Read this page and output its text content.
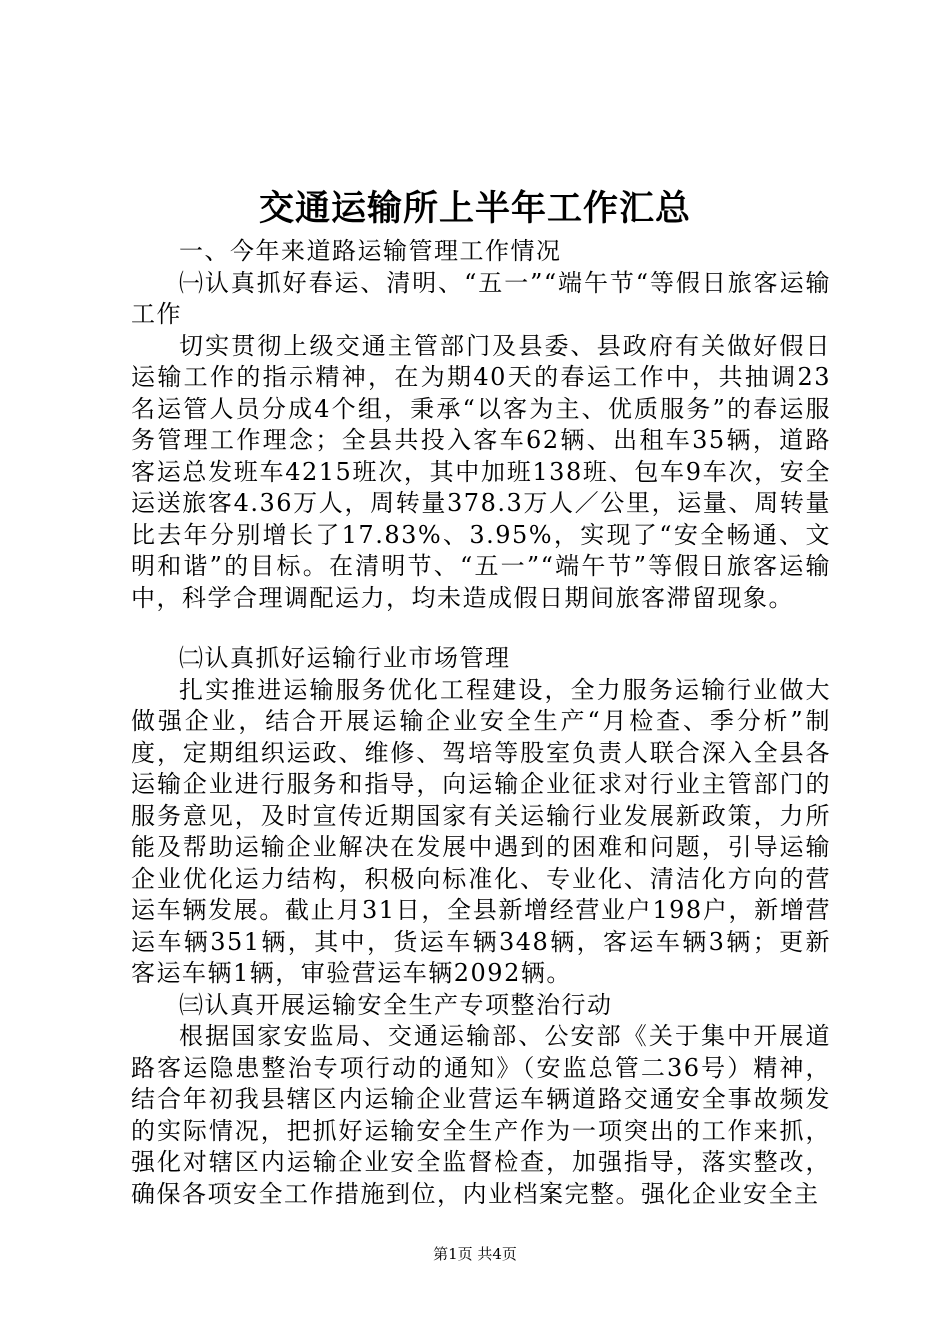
交通运输所上半年工作汇总

一、今年来道路运输管理工作情况

㈠认真抓好春运、清明、“五一”“端午节“等假日旅客运输工作

切实贯彻上级交通主管部门及县委、县政府有关做好假日运输工作的指示精神，在为期40天的春运工作中，共抽调23名运管人员分成4个组，秉承“以客为主、优质服务”的春运服务管理工作理念；全县共投入客车62辆、出租车35辆，道路客运总发班车4215班次，其中加班138班、包车9车次，安全运送旅客4.36万人，周转量378.3万人／公里，运量、周转量比去年分别增长了17.83%、3.95%，实现了“安全畅通、文明和谐”的目标。在清明节、“五一”“端午节”等假日旅客运输中，科学合理调配运力，均未造成假日期间旅客滞留现象。

㈡认真抓好运输行业市场管理

扎实推进运输服务优化工程建设，全力服务运输行业做大做强企业，结合开展运输企业安全生产“月检查、季分析”制度，定期组织运政、维修、驾培等股室负责人联合深入全县各运输企业进行服务和指导，向运输企业征求对行业主管部门的服务意见，及时宣传近期国家有关运输行业发展新政策，力所能及帮助运输企业解决在发展中遇到的困难和问题，引导运输企业优化运力结构，积极向标准化、专业化、清洁化方向的营运车辆发展。截止月31日，全县新增经营业户198户，新增营运车辆351辆，其中，货运车辆348辆，客运车辆3辆；更新客运车辆1辆，审验营运车辆2092辆。

㈢认真开展运输安全生产专项整治行动

根据国家安监局、交通运输部、公安部《关于集中开展道路客运隐患整治专项行动的通知》（安监总管二36号）精神，结合年初我县辖区内运输企业营运车辆道路交通安全事故频发的实际情况，把抓好运输安全生产作为一项突出的工作来抓，强化对辖区内运输企业安全监督检查，加强指导，落实整改，确保各项安全工作措施到位，内业档案完整。强化企业安全主

第1页 共4页
